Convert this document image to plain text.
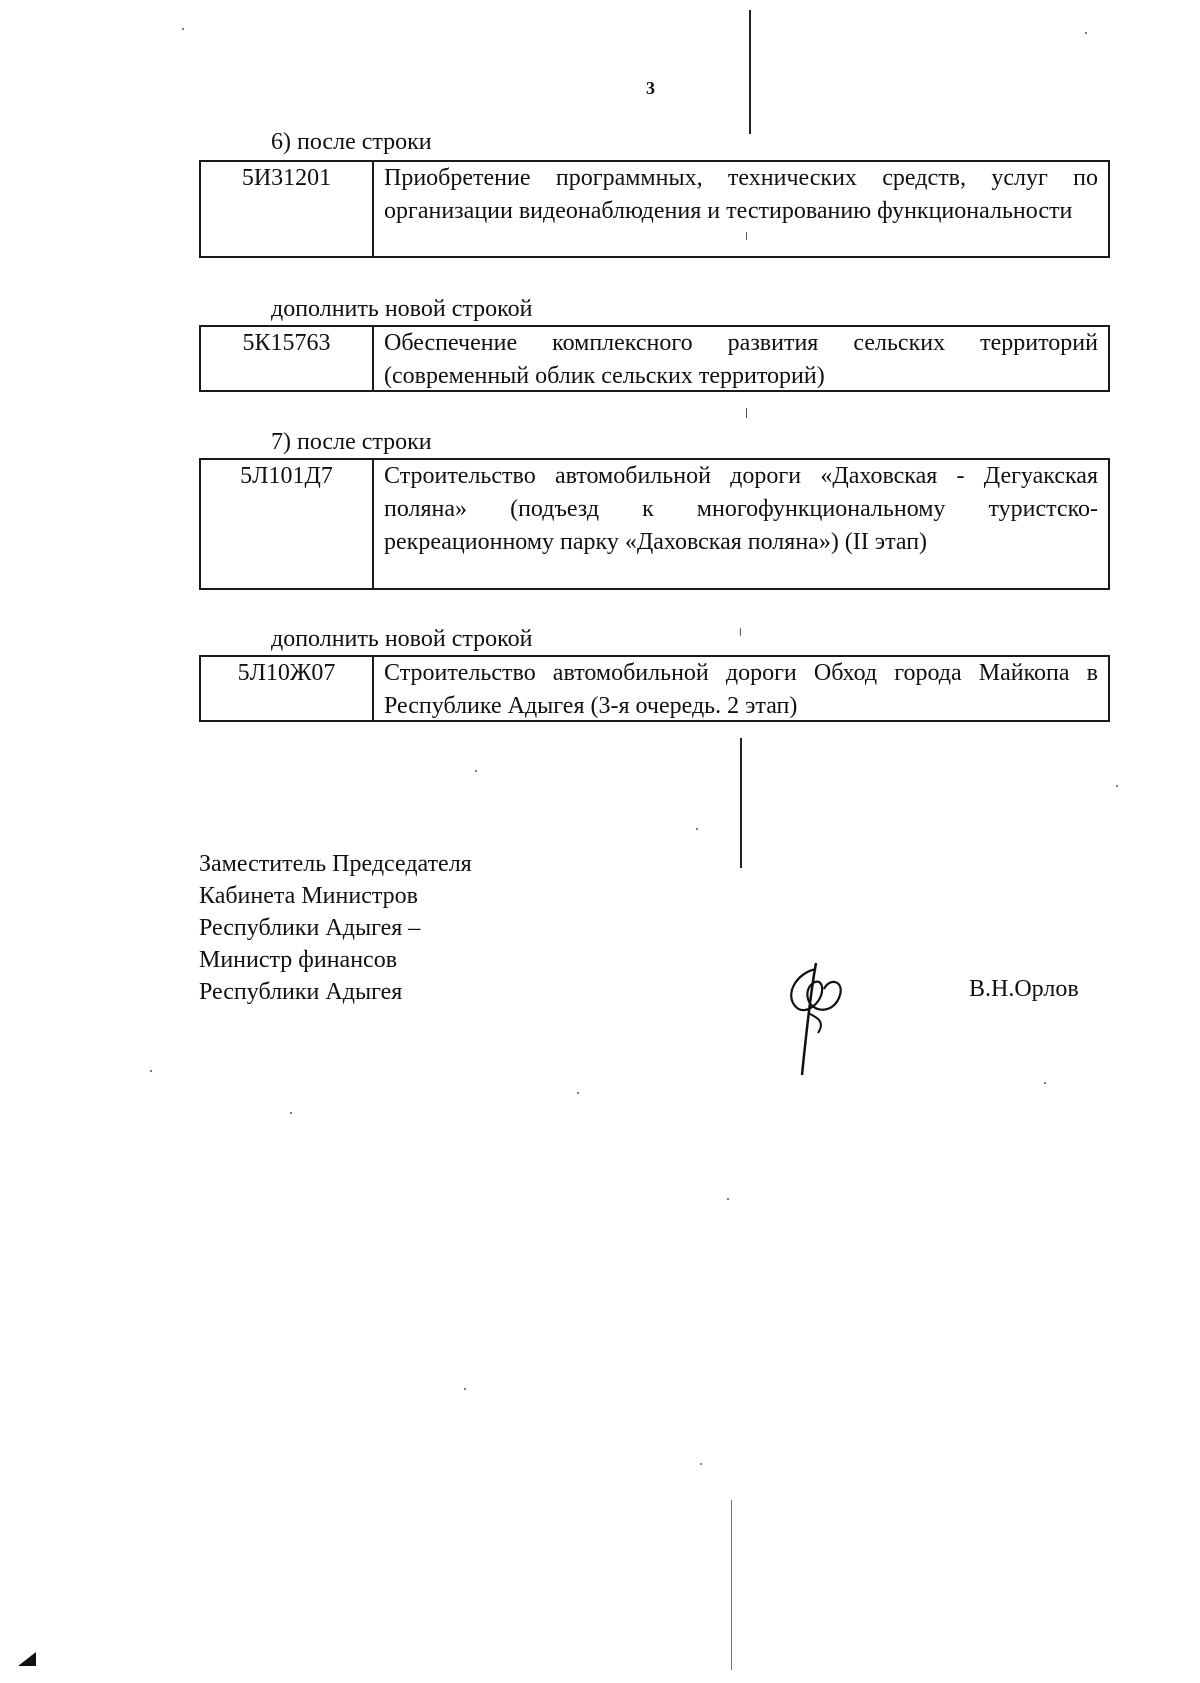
3
6) после строки
5И31201	Приобретение программных, технических средств, услуг по организации видеонаблюдения и тестированию функциональности
дополнить новой строкой
5К15763	Обеспечение комплексного развития сельских территорий (современный облик сельских территорий)
7) после строки
5Л101Д7	Строительство автомобильной дороги «Даховская - Дегуакская поляна» (подъезд к многофункциональному туристско-рекреационному парку «Даховская поляна») (II этап)
дополнить новой строкой
5Л10Ж07	Строительство автомобильной дороги Обход города Майкопа в Республике Адыгея (3-я очередь. 2 этап)
Заместитель Председателя
Кабинета Министров
Республики Адыгея –
Министр финансов
Республики Адыгея	В.Н.Орлов
